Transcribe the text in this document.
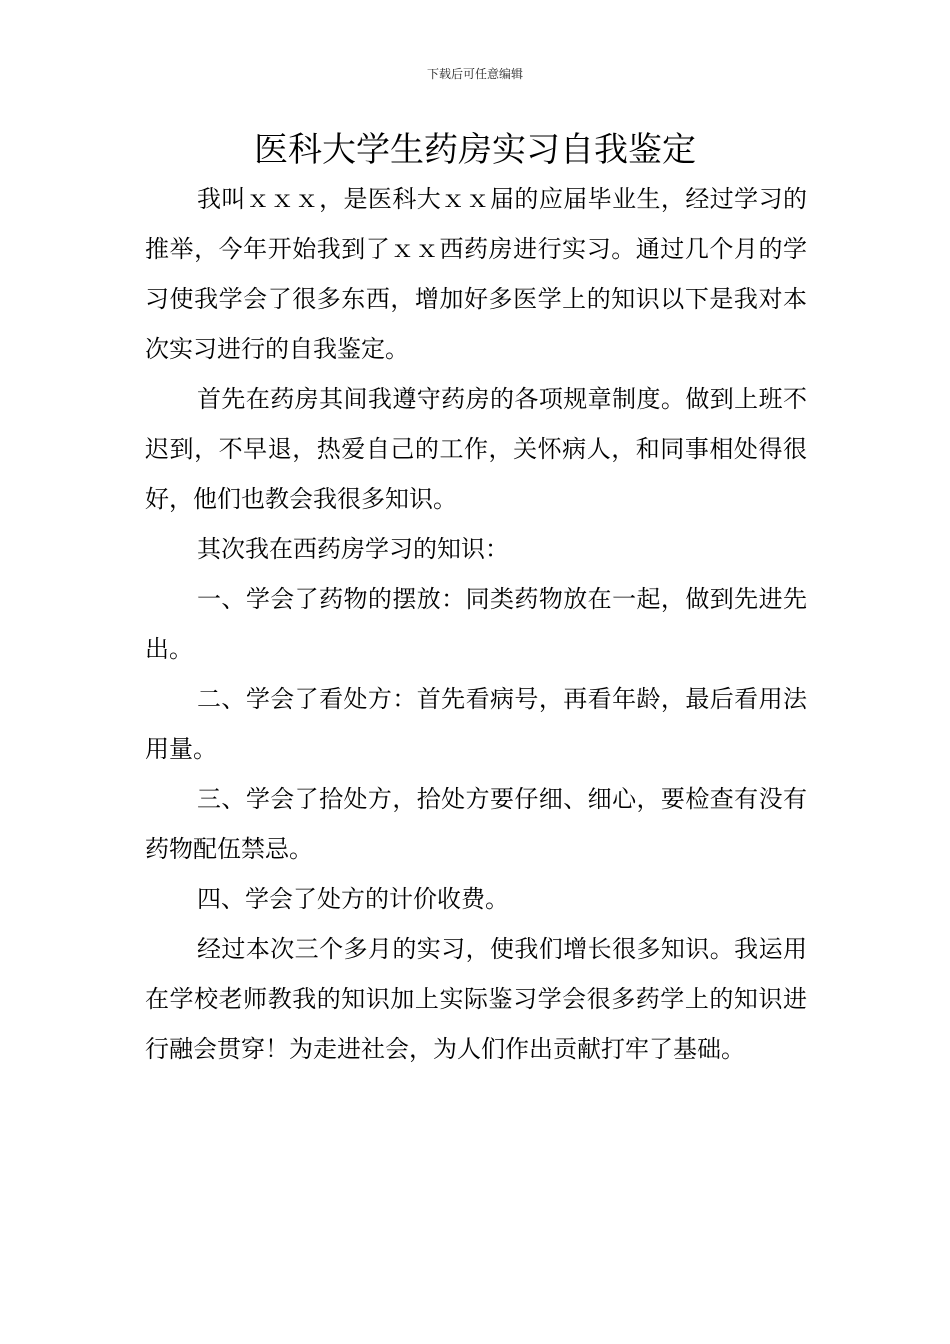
下载后可任意编辑
医科大学生药房实习自我鉴定

我叫ｘｘｘ，是医科大ｘｘ届的应届毕业生，经过学习的推举，今年开始我到了ｘｘ西药房进行实习。通过几个月的学习使我学会了很多东西，增加好多医学上的知识以下是我对本次实习进行的自我鉴定。

首先在药房其间我遵守药房的各项规章制度。做到上班不迟到，不早退，热爱自己的工作，关怀病人，和同事相处得很好，他们也教会我很多知识。

其次我在西药房学习的知识：

一、学会了药物的摆放：同类药物放在一起，做到先进先出。

二、学会了看处方：首先看病号，再看年龄，最后看用法用量。

三、学会了拾处方，拾处方要仔细、细心，要检查有没有药物配伍禁忌。

四、学会了处方的计价收费。

经过本次三个多月的实习，使我们增长很多知识。我运用在学校老师教我的知识加上实际鉴习学会很多药学上的知识进行融会贯穿！为走进社会，为人们作出贡献打牢了基础。
